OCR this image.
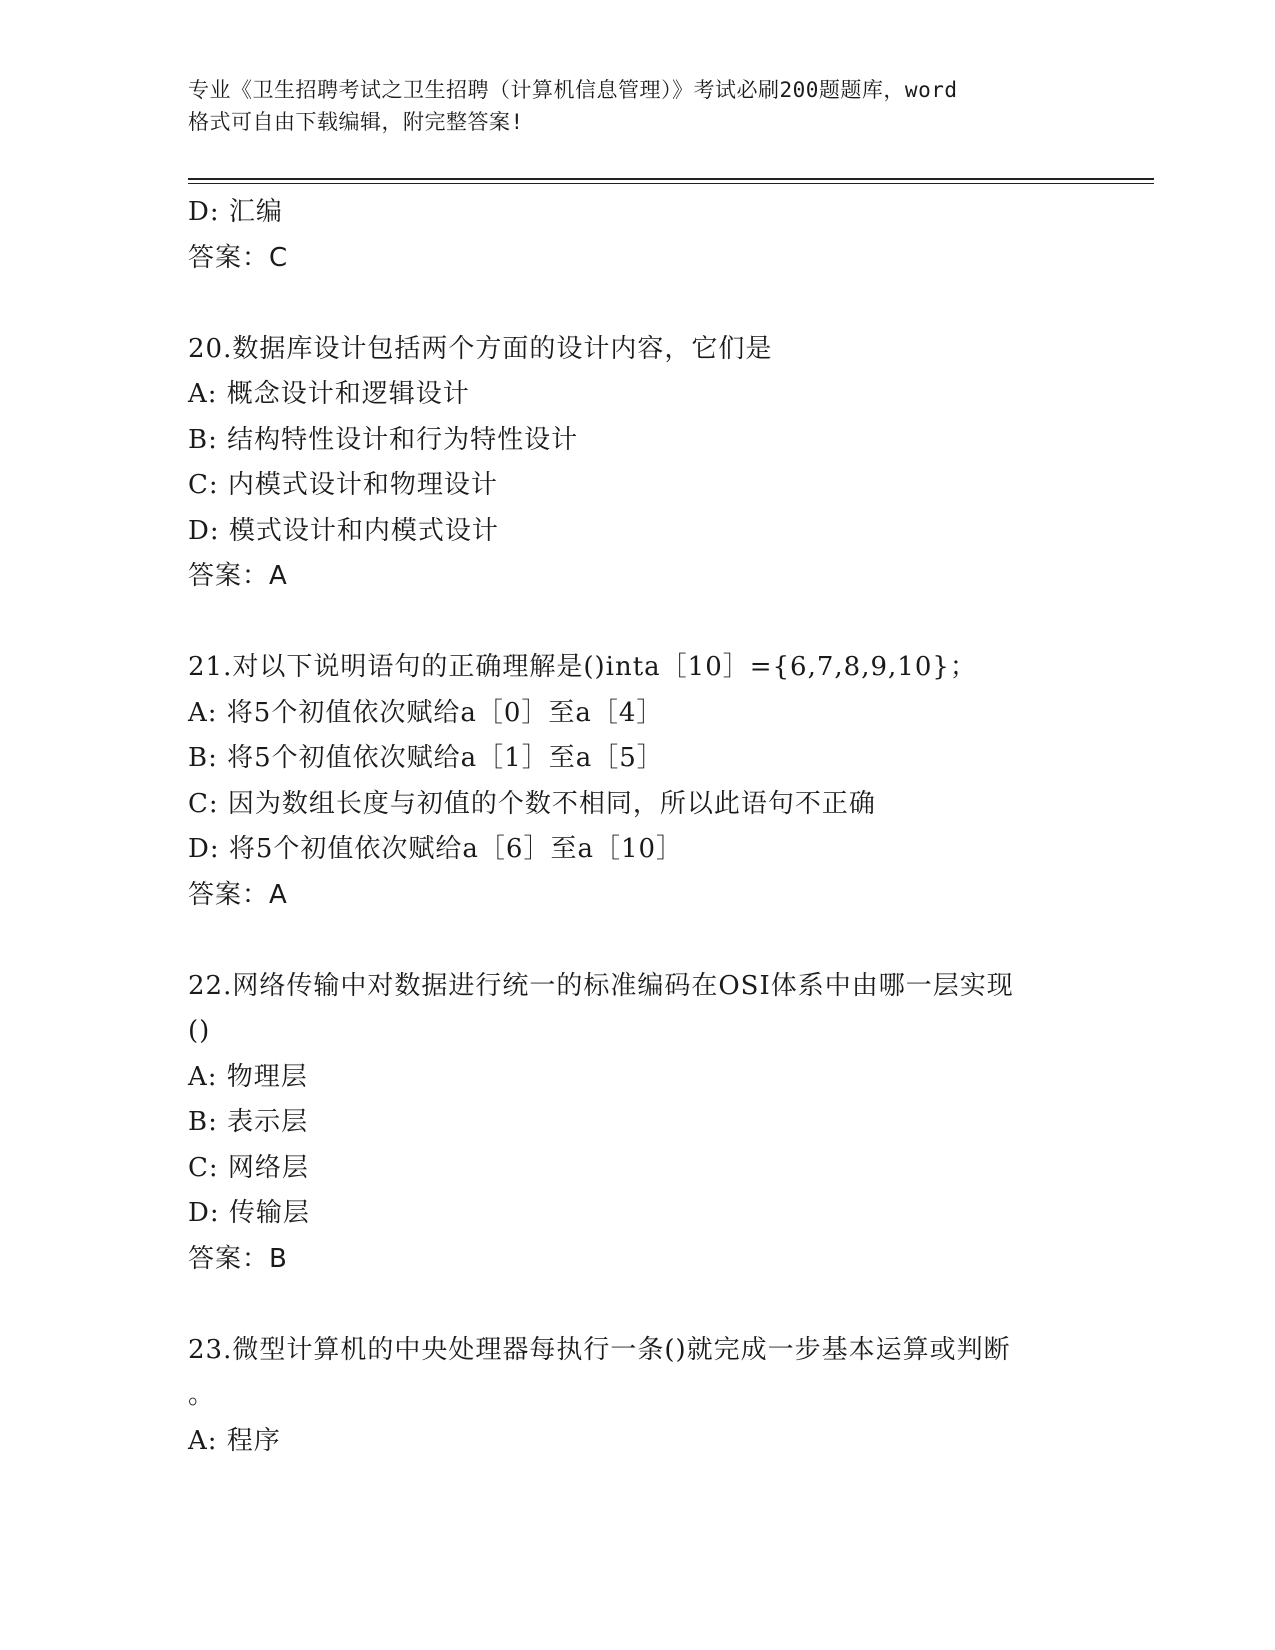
专业《卫生招聘考试之卫生招聘（计算机信息管理）》考试必刷200题题库，word
格式可自由下载编辑，附完整答案!
D: 汇编
答案：C
20.数据库设计包括两个方面的设计内容，它们是
A: 概念设计和逻辑设计
B: 结构特性设计和行为特性设计
C: 内模式设计和物理设计
D: 模式设计和内模式设计
答案：A
21.对以下说明语句的正确理解是()inta［10］={6,7,8,9,10}；
A: 将5个初值依次赋给a［0］至a［4］
B: 将5个初值依次赋给a［1］至a［5］
C: 因为数组长度与初值的个数不相同，所以此语句不正确
D: 将5个初值依次赋给a［6］至a［10］
答案：A
22.网络传输中对数据进行统一的标准编码在OSI体系中由哪一层实现
()
A: 物理层
B: 表示层
C: 网络层
D: 传输层
答案：B
23.微型计算机的中央处理器每执行一条()就完成一步基本运算或判断
。
A: 程序
